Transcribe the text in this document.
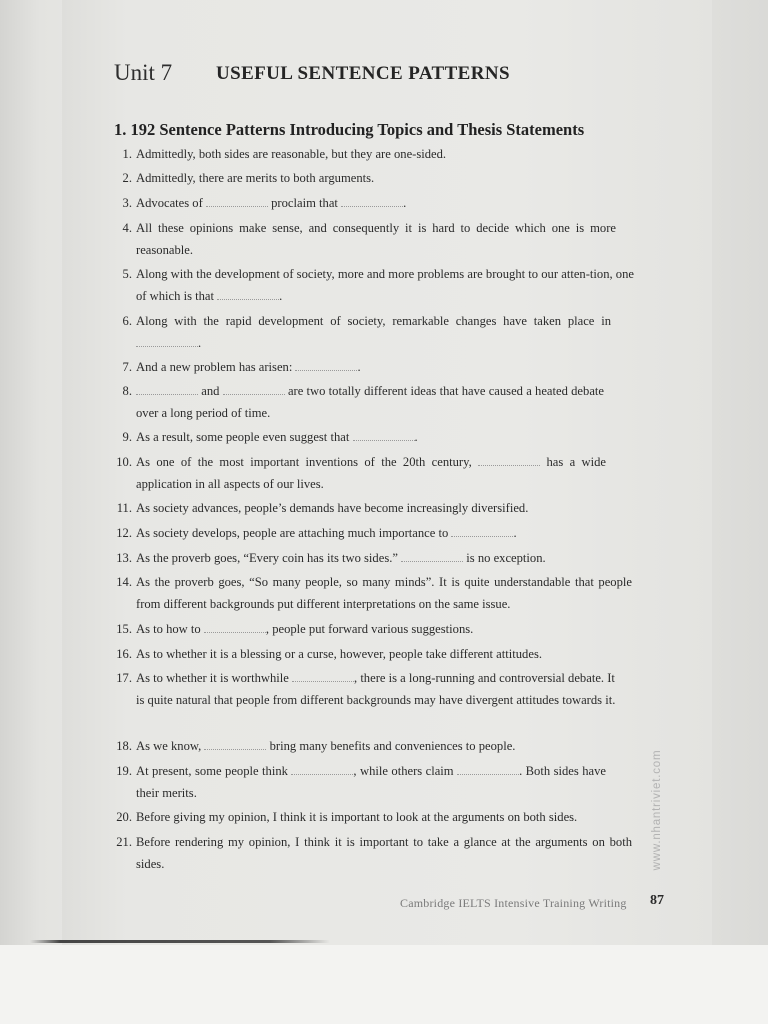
Unit 7 USEFUL SENTENCE PATTERNS
1. 192 Sentence Patterns Introducing Topics and Thesis Statements
1. Admittedly, both sides are reasonable, but they are one-sided.
2. Admittedly, there are merits to both arguments.
3. Advocates of	proclaim that	.
4. All these opinions make sense, and consequently it is hard to decide which one is more reasonable.
5. Along with the development of society, more and more problems are brought to our atten-tion, one of which is that	.
6. Along with the rapid development of society, remarkable changes have taken place in .
7. And a new problem has arisen:	.
8.	and	are two totally different ideas that have caused a heated debate over a long period of time.
9. As a result, some people even suggest that	.
10. As one of the most important inventions of the 20th century,	has a wide application in all aspects of our lives.
11. As society advances, people’s demands have become increasingly diversified.
12. As society develops, people are attaching much importance to	.
13. As the proverb goes, “Every coin has its two sides.”	is no exception.
14. As the proverb goes, “So many people, so many minds”. It is quite understandable that people from different backgrounds put different interpretations on the same issue.
15. As to how to	, people put forward various suggestions.
16. As to whether it is a blessing or a curse, however, people take different attitudes.
17. As to whether it is worthwhile	, there is a long-running and controversial debate. It is quite natural that people from different backgrounds may have divergent attitudes towards it.
18. As we know,	bring many benefits and conveniences to people.
19. At present, some people think	, while others claim	. Both sides have their merits.
20. Before giving my opinion, I think it is important to look at the arguments on both sides.
21. Before rendering my opinion, I think it is important to take a glance at the arguments on both sides.	www.nhantriviet.com
Cambridge IELTS Intensive Training Writing 87
